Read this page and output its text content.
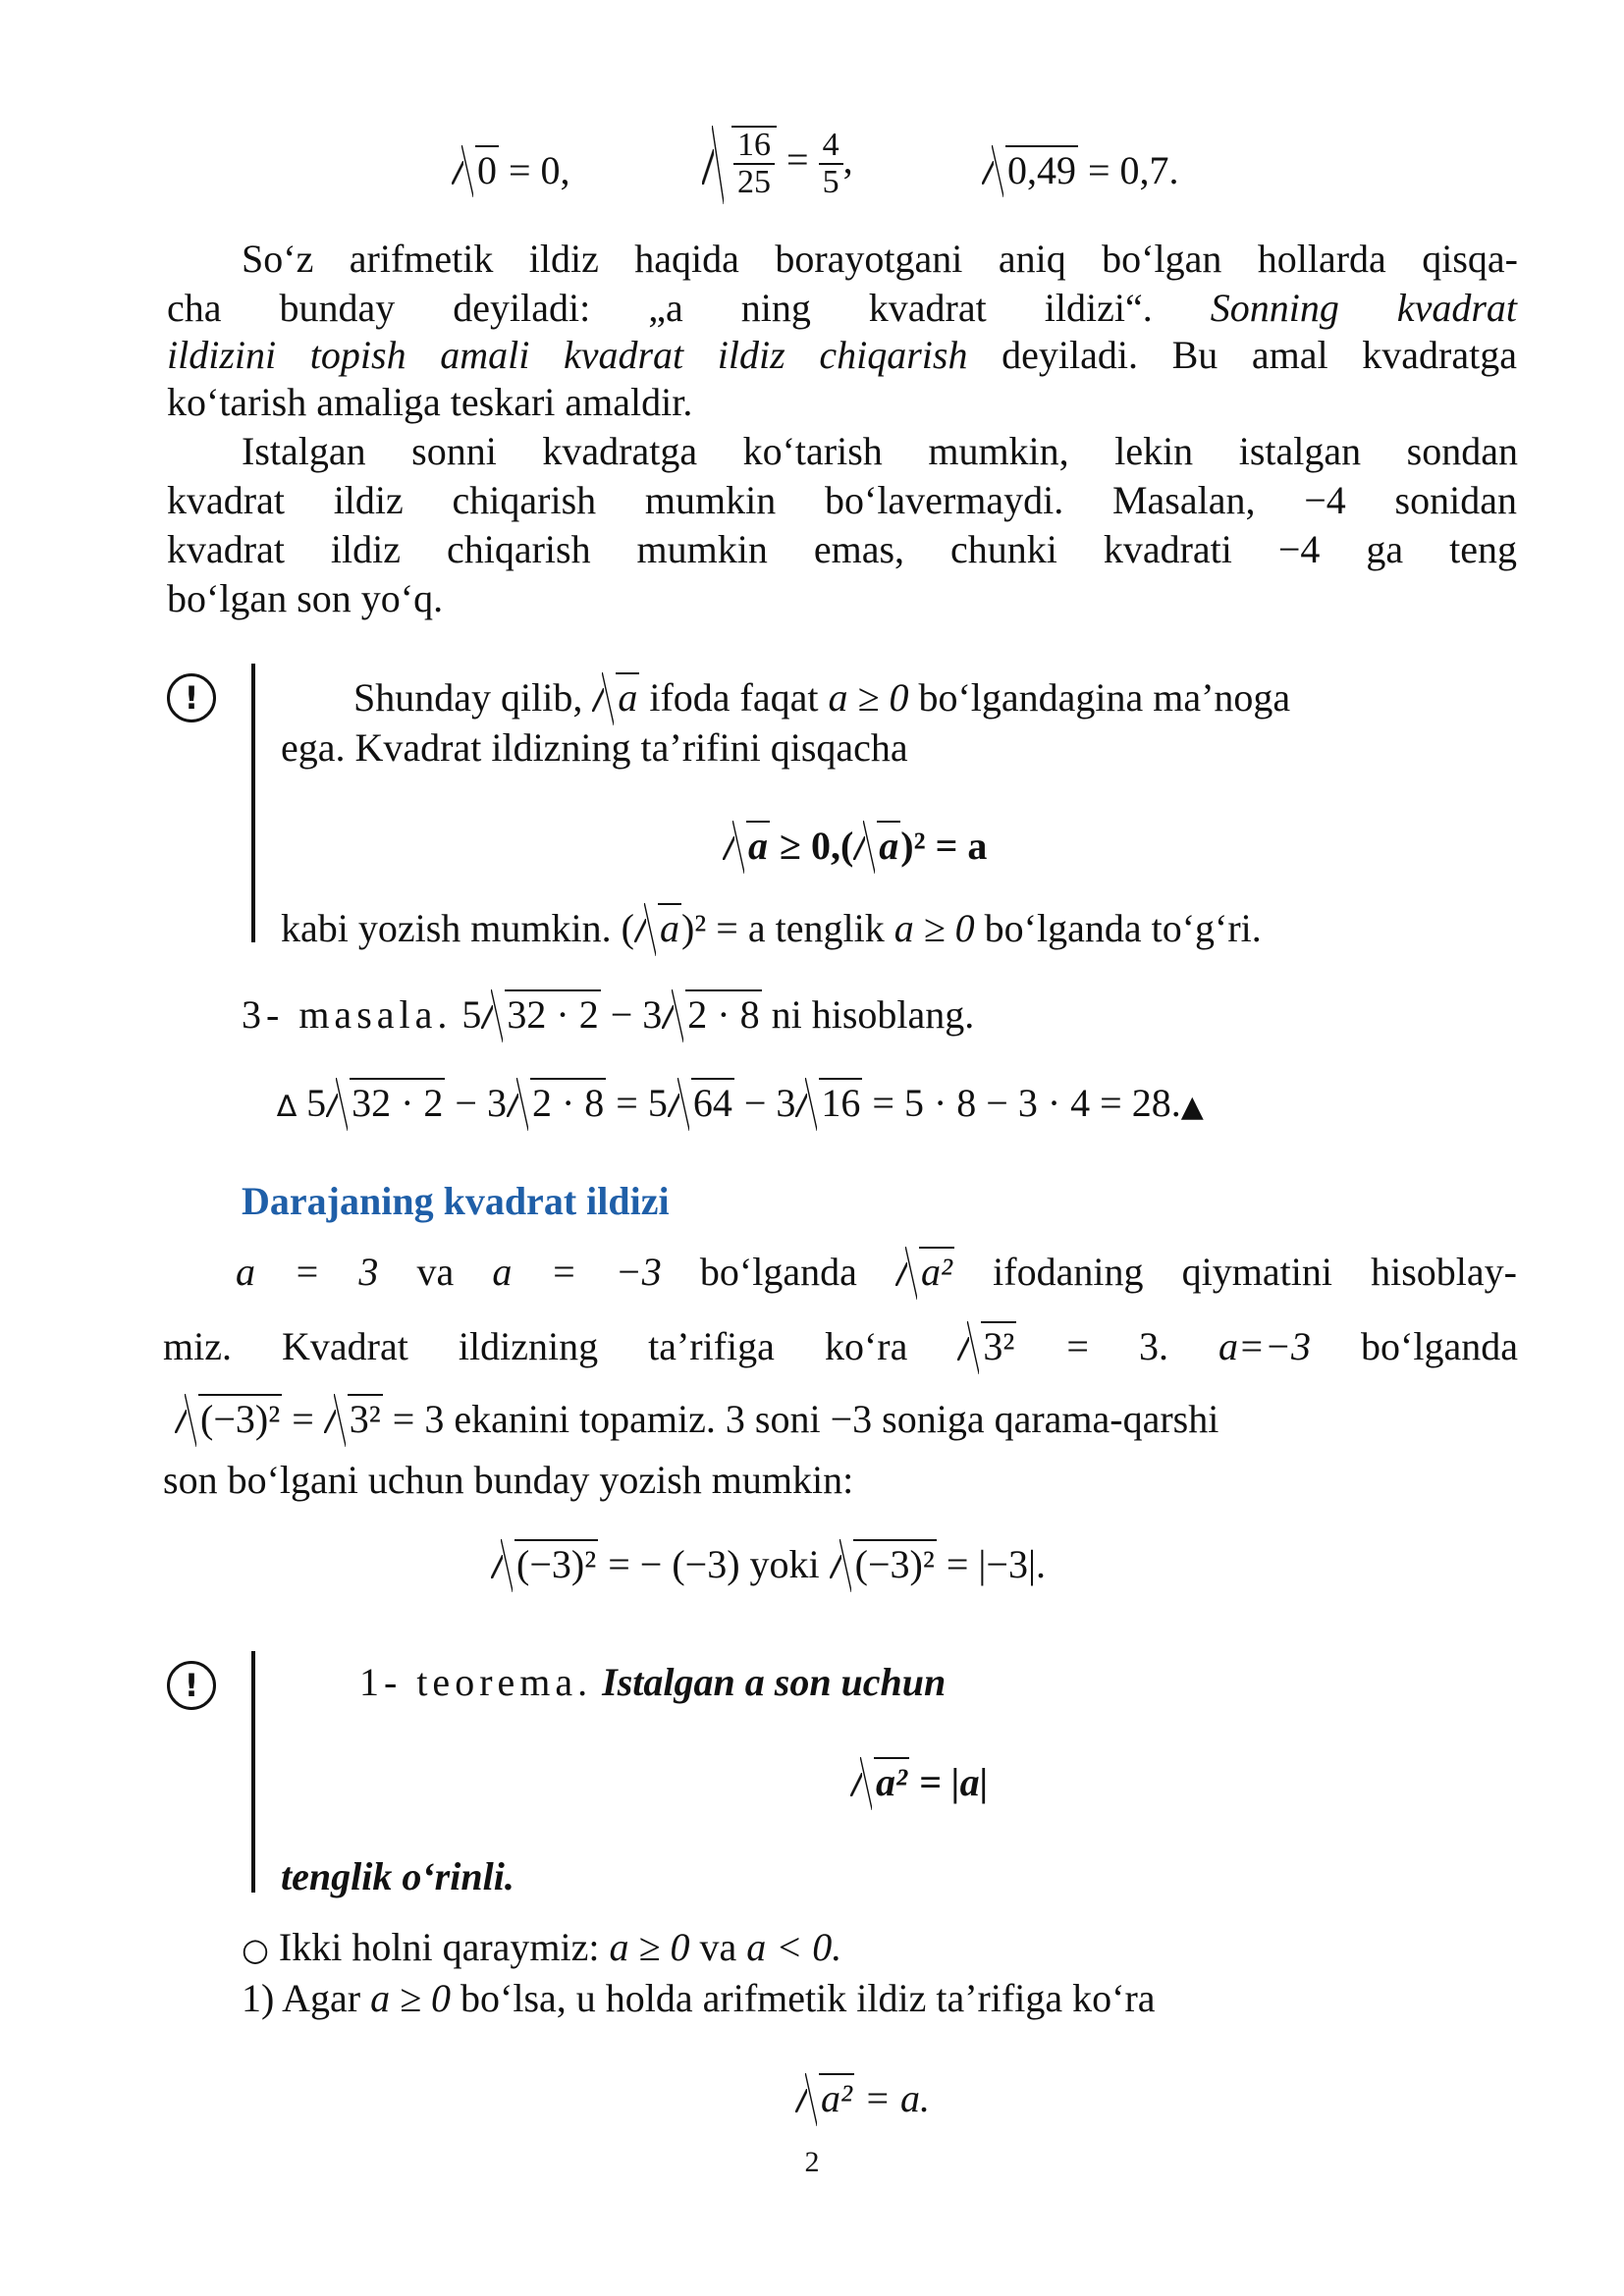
0 = 0,	$\frac{16}{25} = \frac{4}{5}$ ,	0,49 = 0,7.
So‘z arifmetik ildiz haqida borayotgani aniq bo‘lgan hollarda qisqa-
cha bunday deyiladi: „a ning kvadrat ildizi“. Sonning kvadrat
ildizini topish amali kvadrat ildiz chiqarish deyiladi. Bu amal kvadratga
ko‘tarish amaliga teskari amaldir.
Istalgan sonni kvadratga ko‘tarish mumkin, lekin istalgan sondan
kvadrat ildiz chiqarish mumkin bo‘lavermaydi. Masalan, −4 sonidan
kvadrat ildiz chiqarish mumkin emas, chunki kvadrati −4 ga teng
bo‘lgan son yo‘q.
!	Shunday qilib, a ifoda faqat a ≥ 0 bo‘lgandagina ma’noga
ega. Kvadrat ildizning ta’rifini qisqacha
a ≥ 0,( a)² = a
kabi yozish mumkin. ( a)² = a tenglik a ≥ 0 bo‘lganda to‘g‘ri.
3- masala. 5 32 · 2 − 3 2 · 8 ni hisoblang.
∆ 5 32 · 2 − 3 2 · 8 = 5 64 − 3 16 = 5 · 8 − 3 · 4 = 28.▲
Darajaning kvadrat ildizi
a = 3 va a = −3 bo‘lganda a² ifodaning qiymatini hisoblay-
miz. Kvadrat ildizning ta’rifiga ko‘ra 3² = 3. a=−3 bo‘lganda
(−3)² = 3² = 3 ekanini topamiz. 3 soni −3 soniga qarama-qarshi
son bo‘lgani uchun bunday yozish mumkin:
(−3)² = − (−3) yoki (−3)² = |−3|.
!	1- teorema. Istalgan a son uchun
a² = |a|
tenglik o‘rinli.
○ Ikki holni qaraymiz: a ≥ 0 va a < 0.
1) Agar a ≥ 0 bo‘lsa, u holda arifmetik ildiz ta’rifiga ko‘ra
a² = a.
2
